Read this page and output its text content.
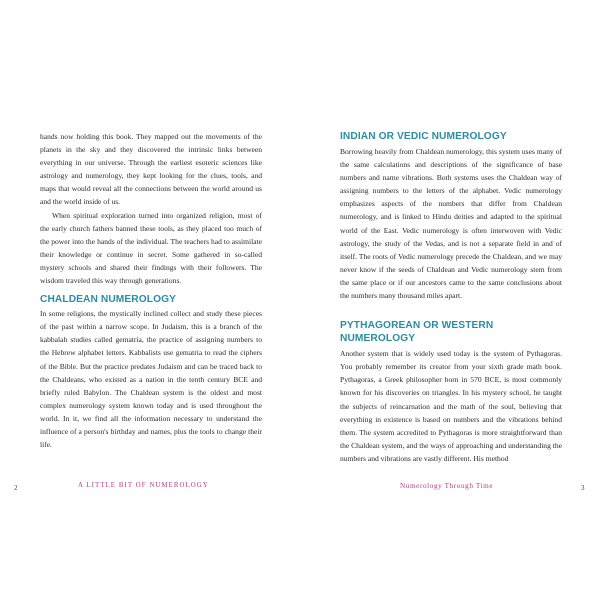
hands now holding this book. They mapped out the movements of the planets in the sky and they discovered the intrinsic links between everything in our universe. Through the earliest esoteric sciences like astrology and numerology, they kept looking for the clues, tools, and maps that would reveal all the connections between the world around us and the world inside of us.

When spiritual exploration turned into organized religion, most of the early church fathers banned these tools, as they placed too much of the power into the hands of the individual. The teachers had to assimilate their knowledge or continue in secret. Some gathered in so-called mystery schools and shared their findings with their followers. The wisdom traveled this way through generations.

CHALDEAN NUMEROLOGY

In some religions, the mystically inclined collect and study these pieces of the past within a narrow scope. In Judaism, this is a branch of the kabbalah studies called gematria, the practice of assigning numbers to the Hebrew alphabet letters. Kabbalists use gematria to read the ciphers of the Bible. But the practice predates Judaism and can be traced back to the Chaldeans, who existed as a nation in the tenth century BCE and briefly ruled Babylon. The Chaldean system is the oldest and most complex numerology system known today and is used throughout the world. In it, we find all the information necessary to understand the influence of a person's birthday and names, plus the tools to change their life.

2	A LITTLE BIT OF NUMEROLOGY
INDIAN OR VEDIC NUMEROLOGY

Borrowing heavily from Chaldean numerology, this system uses many of the same calculations and descriptions of the significance of base numbers and name vibrations. Both systems uses the Chaldean way of assigning numbers to the letters of the alphabet. Vedic numerology emphasizes aspects of the numbers that differ from Chaldean numerology, and is linked to Hindu deities and adapted to the spiritual world of the East. Vedic numerology is often interwoven with Vedic astrology, the study of the Vedas, and is not a separate field in and of itself. The roots of Vedic numerology precede the Chaldean, and we may never know if the seeds of Chaldean and Vedic numerology stem from the same place or if our ancestors came to the same conclusions about the numbers many thousand miles apart.

PYTHAGOREAN OR WESTERN NUMEROLOGY

Another system that is widely used today is the system of Pythagoras. You probably remember its creator from your sixth grade math book. Pythagoras, a Greek philosopher born in 570 BCE, is most commonly known for his discoveries on triangles. In his mystery school, he taught the subjects of reincarnation and the math of the soul, believing that everything in existence is based on numbers and the vibrations behind them. The system accredited to Pythagoras is more straightforward than the Chaldean system, and the ways of approaching and understanding the numbers and vibrations are vastly different. His method

Numerology Through Time	3
